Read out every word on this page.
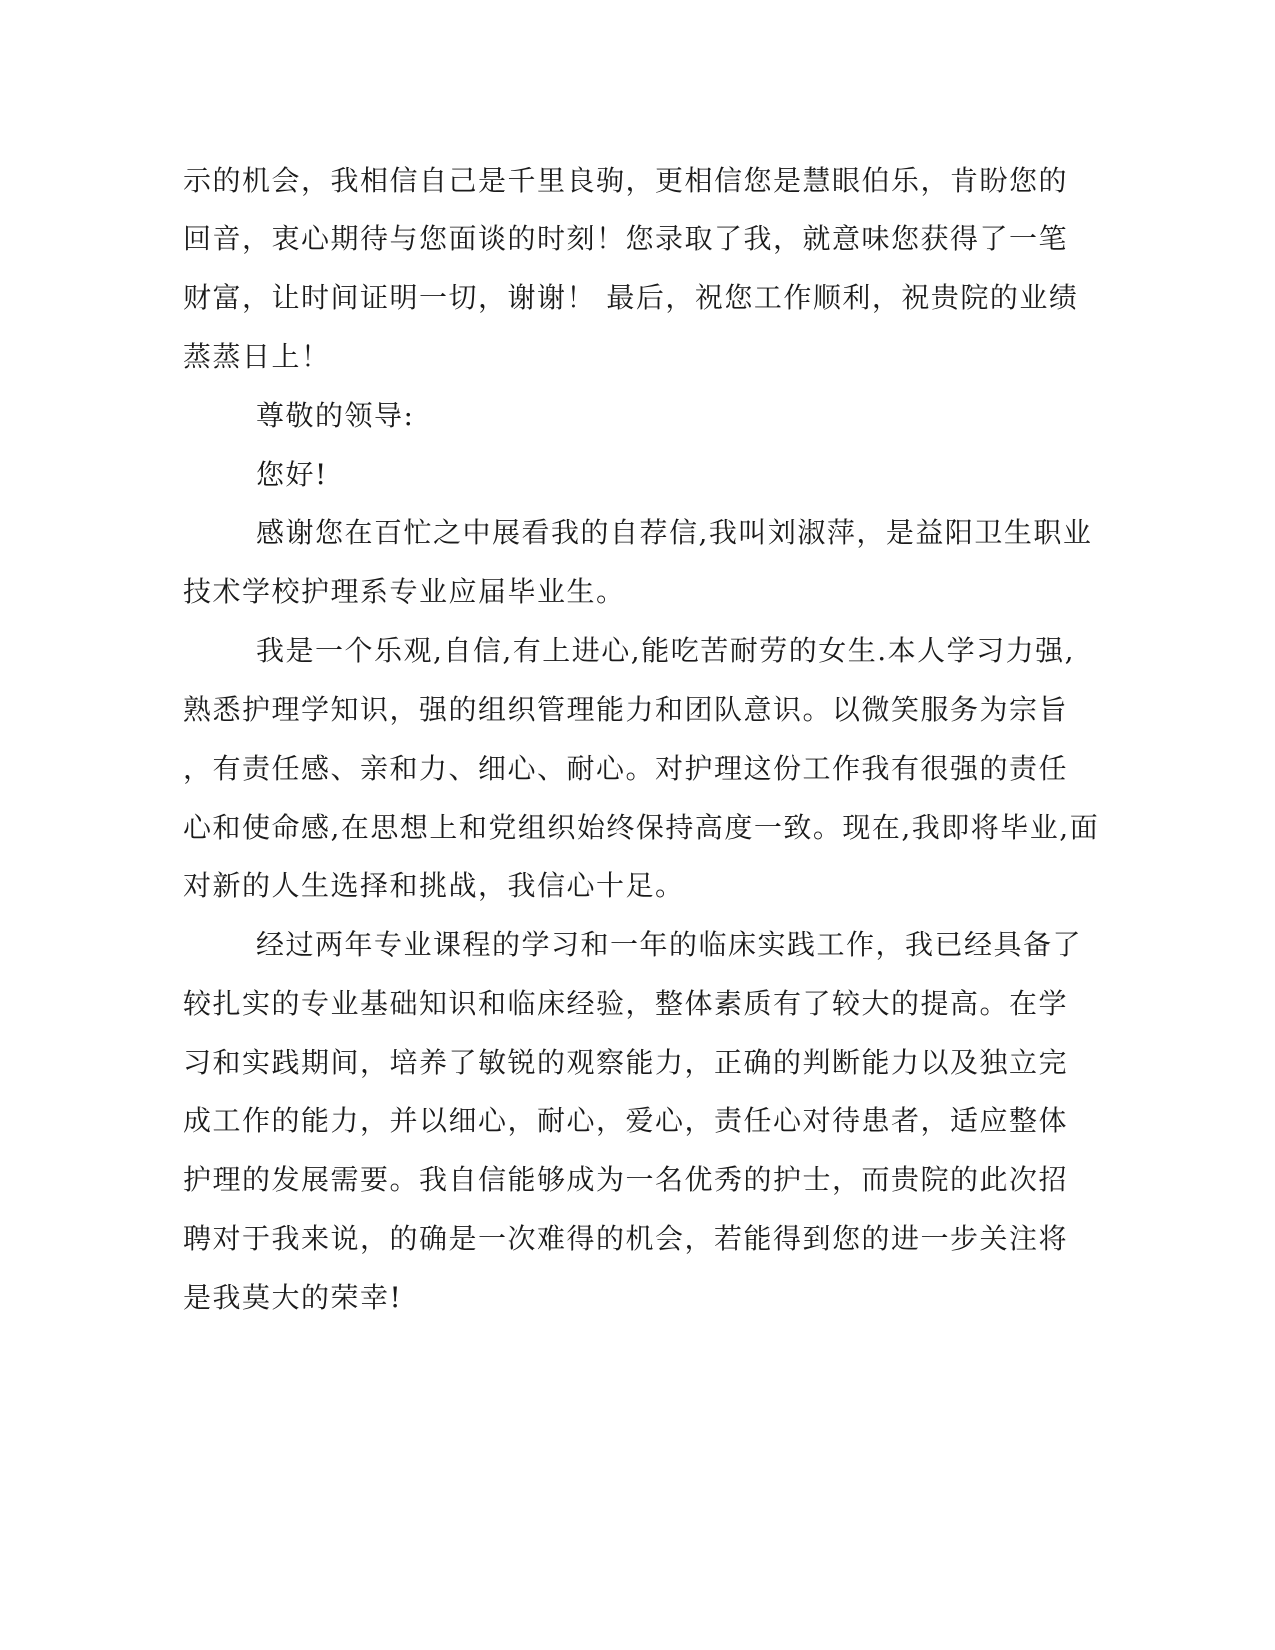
示的机会，我相信自己是千里良驹，更相信您是慧眼伯乐，肯盼您的
回音，衷心期待与您面谈的时刻！您录取了我，就意味您获得了一笔
财富，让时间证明一切，谢谢！ 最后，祝您工作顺利，祝贵院的业绩
蒸蒸日上！
尊敬的领导:
您好!
感谢您在百忙之中展看我的自荐信,我叫刘淑萍，是益阳卫生职业
技术学校护理系专业应届毕业生。
我是一个乐观,自信,有上进心,能吃苦耐劳的女生.本人学习力强,
熟悉护理学知识，强的组织管理能力和团队意识。以微笑服务为宗旨
，有责任感、亲和力、细心、耐心。对护理这份工作我有很强的责任
心和使命感,在思想上和党组织始终保持高度一致。现在,我即将毕业,面
对新的人生选择和挑战，我信心十足。
经过两年专业课程的学习和一年的临床实践工作，我已经具备了
较扎实的专业基础知识和临床经验，整体素质有了较大的提高。在学
习和实践期间，培养了敏锐的观察能力，正确的判断能力以及独立完
成工作的能力，并以细心，耐心，爱心，责任心对待患者，适应整体
护理的发展需要。我自信能够成为一名优秀的护士，而贵院的此次招
聘对于我来说，的确是一次难得的机会，若能得到您的进一步关注将
是我莫大的荣幸!
